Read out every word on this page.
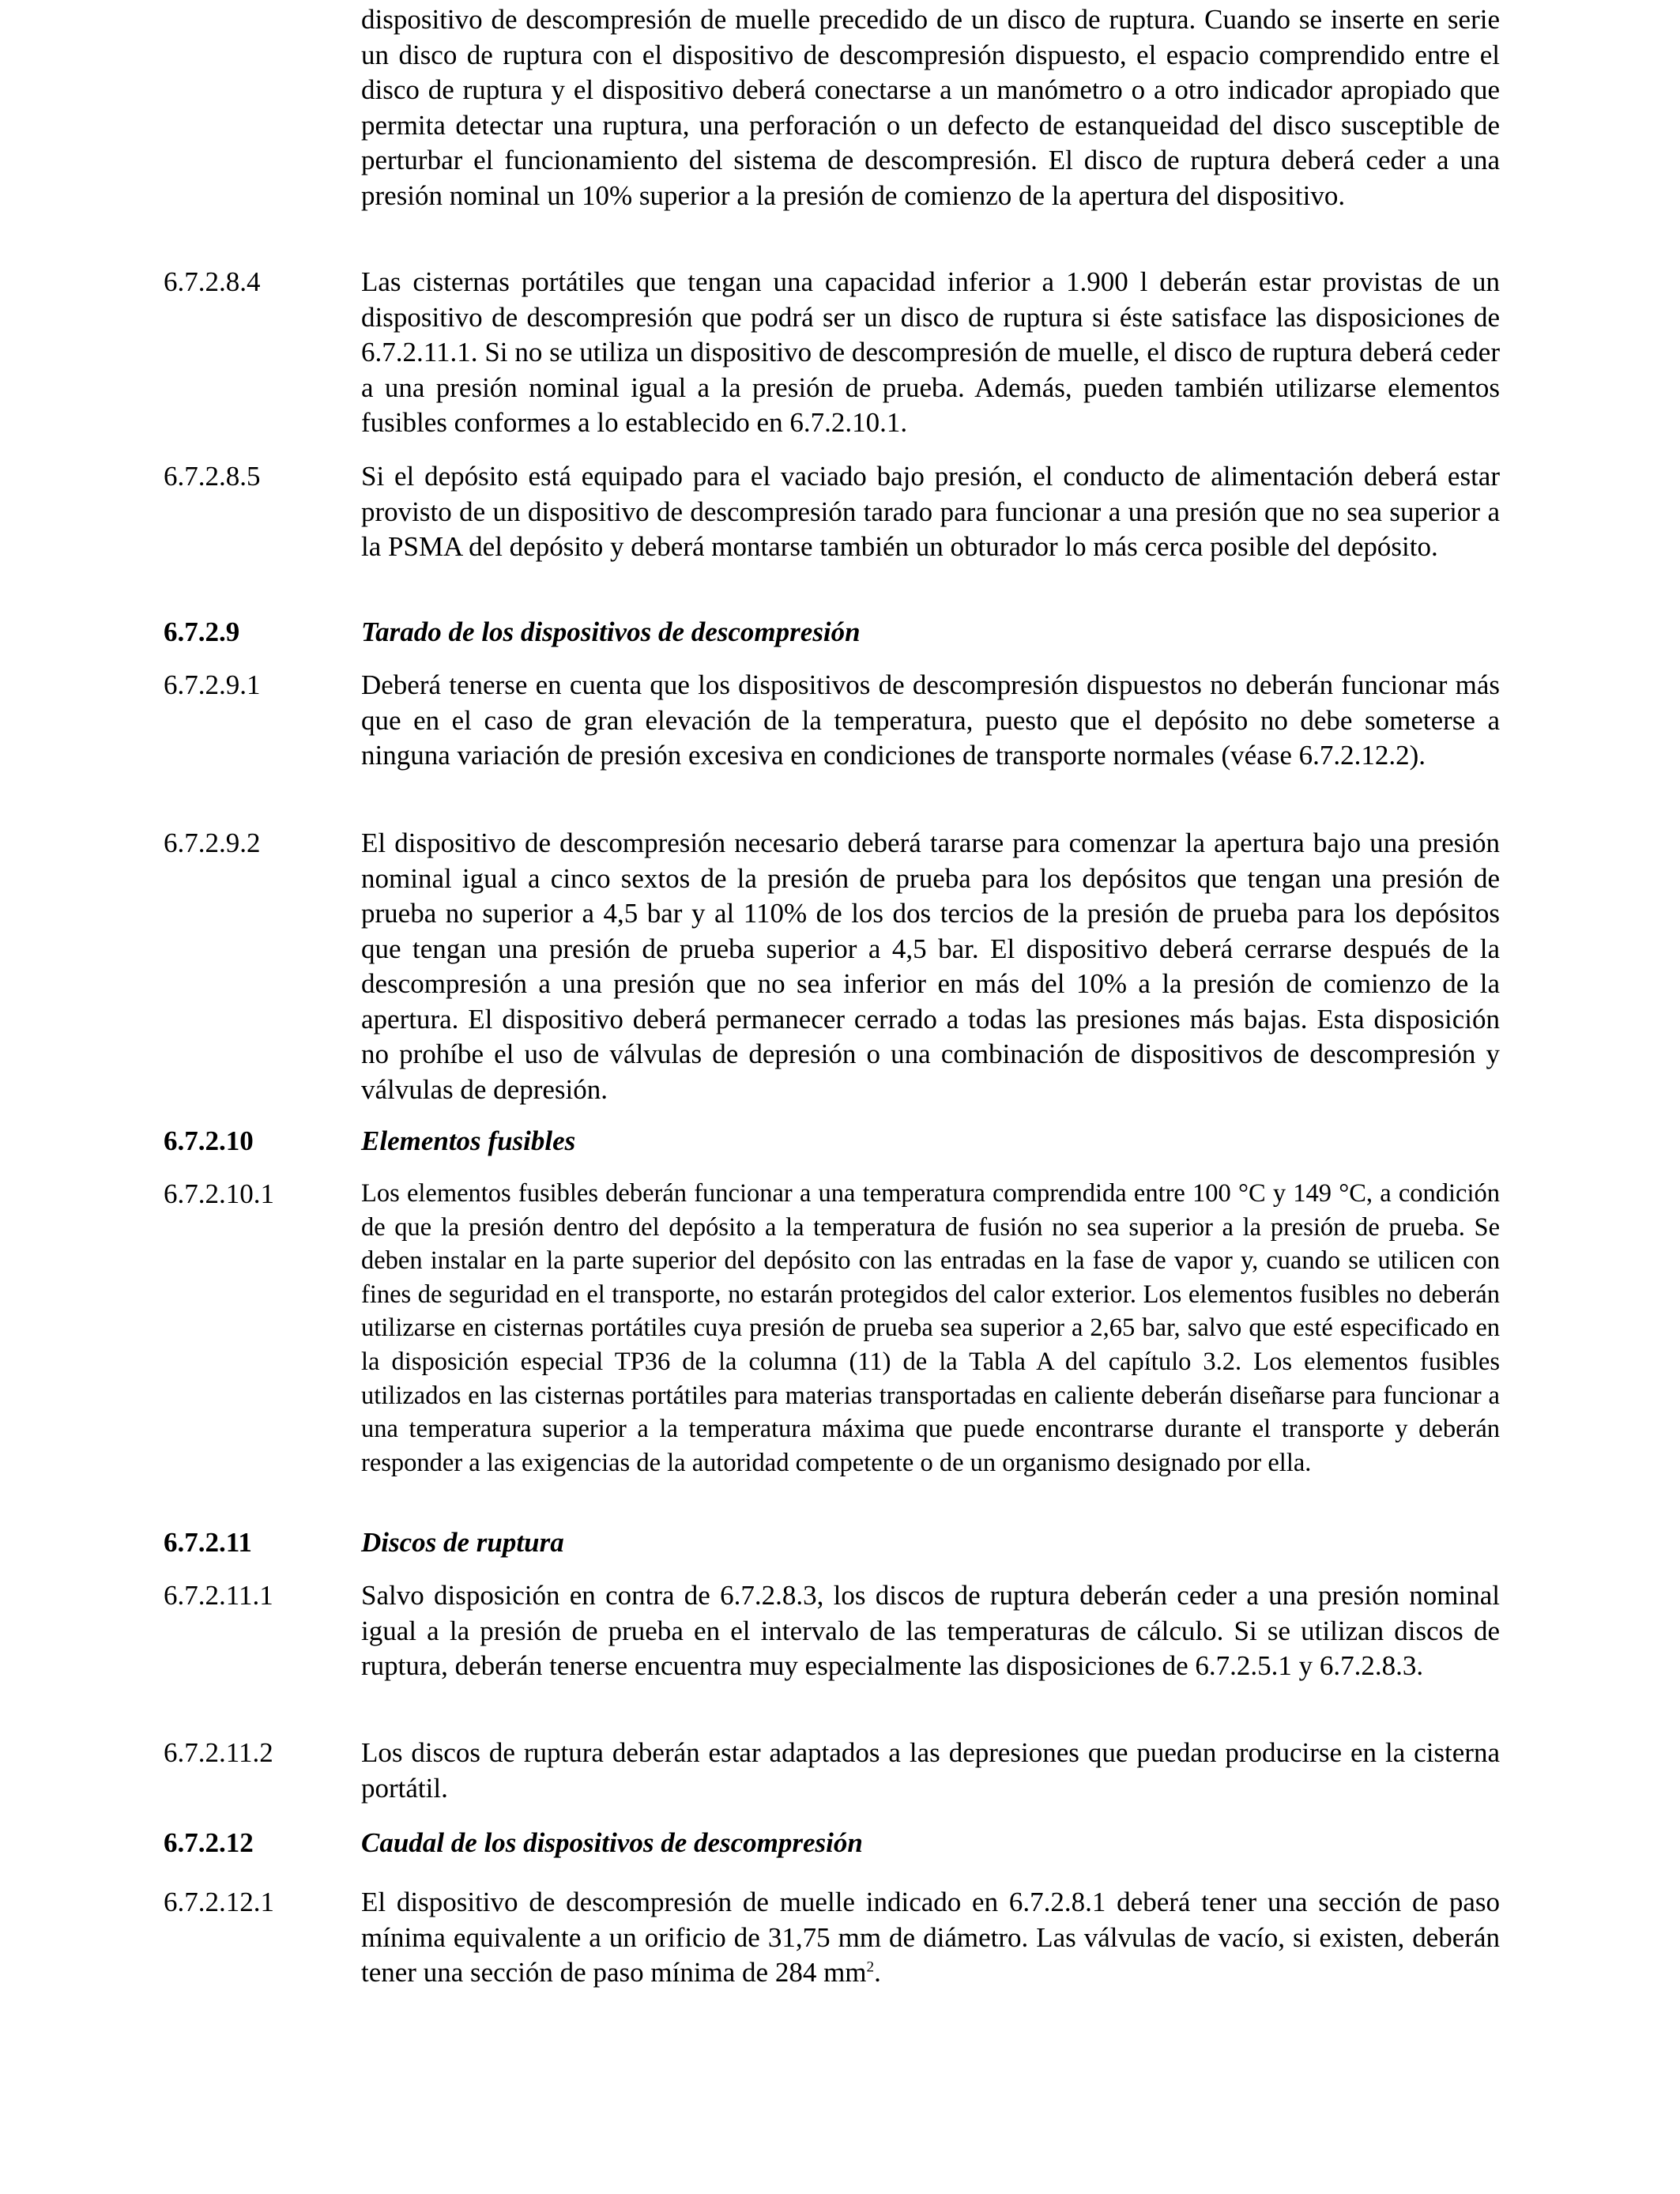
dispositivo de descompresión de muelle precedido de un disco de ruptura. Cuando se inserte en serie un disco de ruptura con el dispositivo de descompresión dispuesto, el espacio comprendido entre el disco de ruptura y el dispositivo deberá conectarse a un manómetro o a otro indicador apropiado que permita detectar una ruptura, una perforación o un defecto de estanqueidad del disco susceptible de perturbar el funcionamiento del sistema de descompresión. El disco de ruptura deberá ceder a una presión nominal un 10% superior a la presión de comienzo de la apertura del dispositivo.
6.7.2.8.4	Las cisternas portátiles que tengan una capacidad inferior a 1.900 l deberán estar provistas de un dispositivo de descompresión que podrá ser un disco de ruptura si éste satisface las disposiciones de 6.7.2.11.1. Si no se utiliza un dispositivo de descompresión de muelle, el disco de ruptura deberá ceder a una presión nominal igual a la presión de prueba. Además, pueden también utilizarse elementos fusibles conformes a lo establecido en 6.7.2.10.1.
6.7.2.8.5	Si el depósito está equipado para el vaciado bajo presión, el conducto de alimentación deberá estar provisto de un dispositivo de descompresión tarado para funcionar a una presión que no sea superior a la PSMA del depósito y deberá montarse también un obturador lo más cerca posible del depósito.
6.7.2.9	Tarado de los dispositivos de descompresión
6.7.2.9.1	Deberá tenerse en cuenta que los dispositivos de descompresión dispuestos no deberán funcionar más que en el caso de gran elevación de la temperatura, puesto que el depósito no debe someterse a ninguna variación de presión excesiva en condiciones de transporte normales (véase 6.7.2.12.2).
6.7.2.9.2	El dispositivo de descompresión necesario deberá tararse para comenzar la apertura bajo una presión nominal igual a cinco sextos de la presión de prueba para los depósitos que tengan una presión de prueba no superior a 4,5 bar y al 110% de los dos tercios de la presión de prueba para los depósitos que tengan una presión de prueba superior a 4,5 bar. El dispositivo deberá cerrarse después de la descompresión a una presión que no sea inferior en más del 10% a la presión de comienzo de la apertura. El dispositivo deberá permanecer cerrado a todas las presiones más bajas. Esta disposición no prohíbe el uso de válvulas de depresión o una combinación de dispositivos de descompresión y válvulas de depresión.
6.7.2.10	Elementos fusibles
6.7.2.10.1	Los elementos fusibles deberán funcionar a una temperatura comprendida entre 100 °C y 149 °C, a condición de que la presión dentro del depósito a la temperatura de fusión no sea superior a la presión de prueba. Se deben instalar en la parte superior del depósito con las entradas en la fase de vapor y, cuando se utilicen con fines de seguridad en el transporte, no estarán protegidos del calor exterior. Los elementos fusibles no deberán utilizarse en cisternas portátiles cuya presión de prueba sea superior a 2,65 bar, salvo que esté especificado en la disposición especial TP36 de la columna (11) de la Tabla A del capítulo 3.2. Los elementos fusibles utilizados en las cisternas portátiles para materias transportadas en caliente deberán diseñarse para funcionar a una temperatura superior a la temperatura máxima que puede encontrarse durante el transporte y deberán responder a las exigencias de la autoridad competente o de un organismo designado por ella.
6.7.2.11	Discos de ruptura
6.7.2.11.1	Salvo disposición en contra de 6.7.2.8.3, los discos de ruptura deberán ceder a una presión nominal igual a la presión de prueba en el intervalo de las temperaturas de cálculo. Si se utilizan discos de ruptura, deberán tenerse encuentra muy especialmente las disposiciones de 6.7.2.5.1 y 6.7.2.8.3.
6.7.2.11.2	Los discos de ruptura deberán estar adaptados a las depresiones que puedan producirse en la cisterna portátil.
6.7.2.12	Caudal de los dispositivos de descompresión
6.7.2.12.1	El dispositivo de descompresión de muelle indicado en 6.7.2.8.1 deberá tener una sección de paso mínima equivalente a un orificio de 31,75 mm de diámetro. Las válvulas de vacío, si existen, deberán tener una sección de paso mínima de 284 $mm^2$.
